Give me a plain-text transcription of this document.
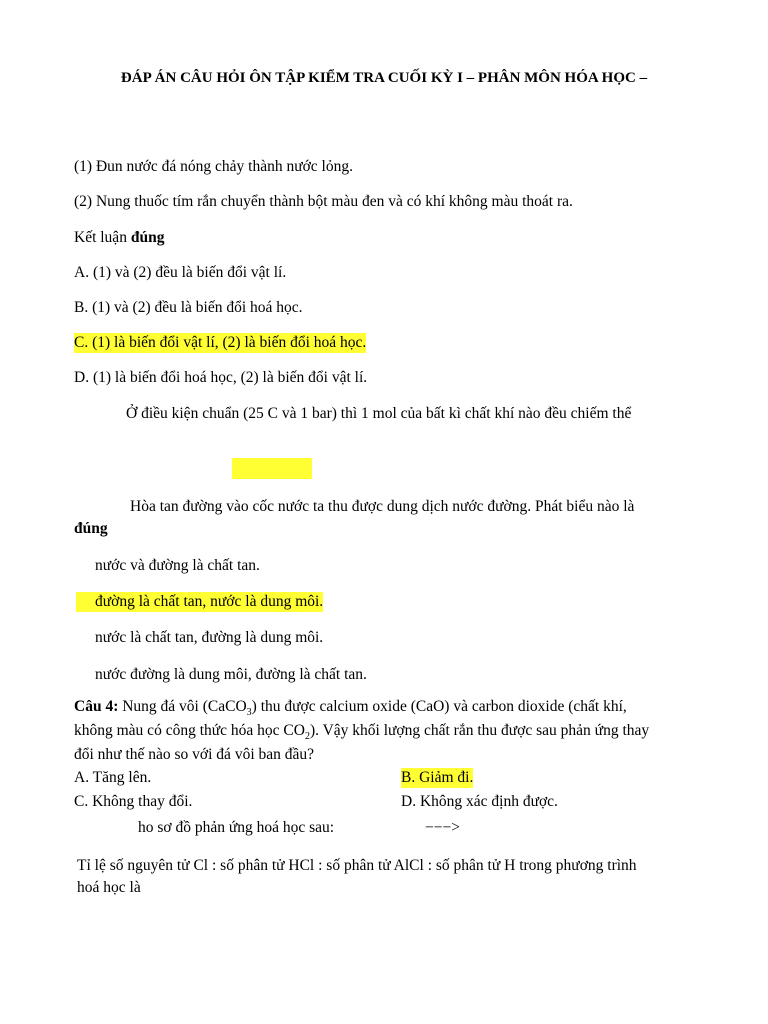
ĐÁP ÁN CÂU HỎI ÔN TẬP KIỂM TRA CUỐI KỲ I – PHÂN MÔN HÓA HỌC –
(1) Đun nước đá nóng chảy thành nước lỏng.
(2) Nung thuốc tím rắn chuyển thành bột màu đen và có khí không màu thoát ra.
Kết luận đúng
A. (1) và (2) đều là biến đổi vật lí.
B. (1) và (2) đều là biến đổi hoá học.
C. (1) là biến đổi vật lí, (2) là biến đổi hoá học.
D. (1) là biến đổi hoá học, (2) là biến đổi vật lí.
Ở điều kiện chuẩn (25 C và 1 bar) thì 1 mol của bất kì chất khí nào đều chiếm thể
Hòa tan đường vào cốc nước ta thu được dung dịch nước đường. Phát biểu nào là
đúng
nước và đường là chất tan.
đường là chất tan, nước là dung môi.
nước là chất tan, đường là dung môi.
nước đường là dung môi, đường là chất tan.
Câu 4: Nung đá vôi (CaCO$_3$) thu được calcium oxide (CaO) và carbon dioxide (chất khí,
không màu có công thức hóa học $CO_2$). Vậy khối lượng chất rắn thu được sau phản ứng thay
đổi như thế nào so với đá vôi ban đầu?
A. Tăng lên.	B. Giảm đi.
C. Không thay đổi.	D. Không xác định được.
ho sơ đồ phản ứng hoá học sau:	−−−>
Tỉ lệ số nguyên tử Cl : số phân tử HCl : số phân tử AlCl : số phân tử H trong phương trình
hoá học là
